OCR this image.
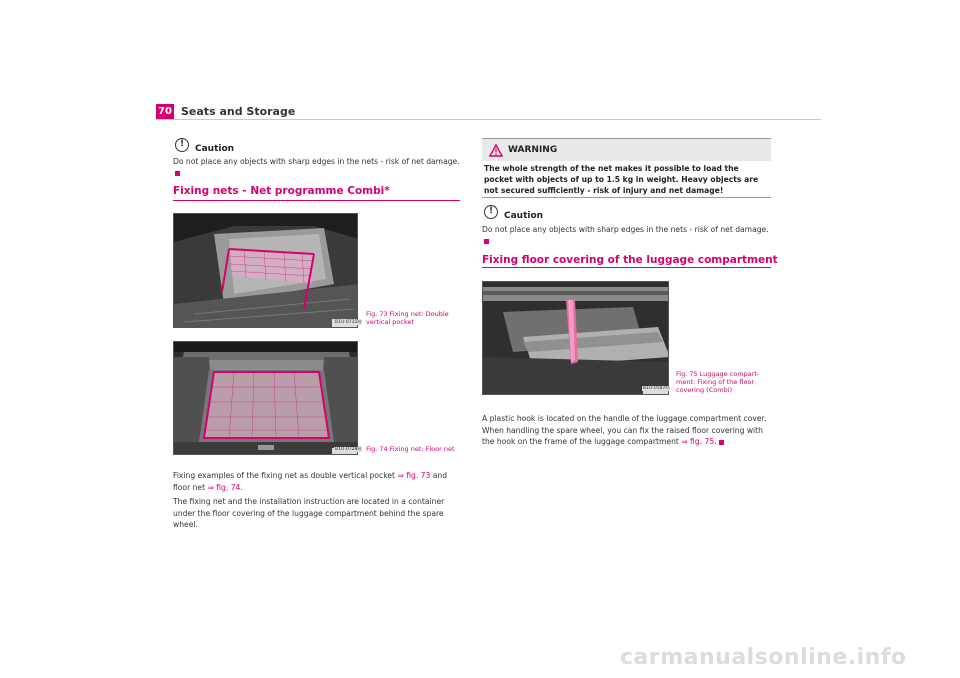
70 Seats and Storage
!	Caution
Do not place any objects with sharp edges in the nets - risk of net damage.
Fixing nets - Net programme Combi*
B1U-0731H
Fig. 73 Fixing net: Double vertical pocket
B1U-0728H Fig. 74 Fixing net: Floor net
Fixing examples of the fixing net as double vertical pocket ⇒ fig. 73 and floor net ⇒ fig. 74.
The fixing net and the installation instruction are located in a container under the floor covering of the luggage compartment behind the spare wheel.
WARNING
The whole strength of the net makes it possible to load the pocket with objects of up to 1.5 kg in weight. Heavy objects are not secured sufficiently - risk of injury and net damage!
!	Caution
Do not place any objects with sharp edges in the nets - risk of net damage.
Fixing floor covering of the luggage compartment
B1U-0587H
Fig. 75 Luggage compart-ment: Fixing of the floor covering (Combi)
A plastic hook is located on the handle of the luggage compartment cover. When handling the spare wheel, you can fix the raised floor covering with the hook on the frame of the luggage compartment ⇒ fig. 75.
carmanualsonline.info
